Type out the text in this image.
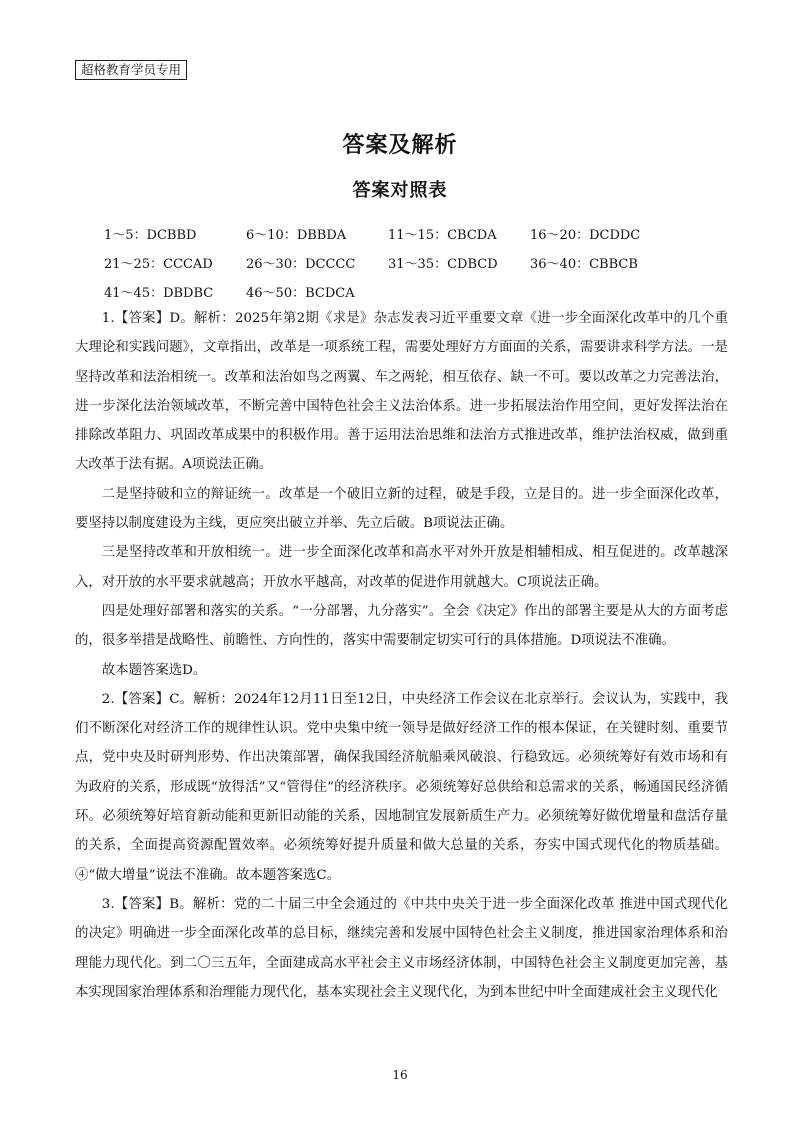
超格教育学员专用
答案及解析
答案对照表
1～5：DCBBD	6～10：DBBDA	11～15：CBCDA	16～20：DCDDC
21～25：CCCAD	26～30：DCCCC	31～35：CDBCD	36～40：CBBCB
41～45：DBDBC	46～50：BCDCA

1.【答案】D。解析：2025年第2期《求是》杂志发表习近平重要文章《进一步全面深化改革中的几个重大理论和实践问题》，文章指出，改革是一项系统工程，需要处理好方方面面的关系，需要讲求科学方法。一是坚持改革和法治相统一。改革和法治如鸟之两翼、车之两轮，相互依存、缺一不可。要以改革之力完善法治，进一步深化法治领域改革，不断完善中国特色社会主义法治体系。进一步拓展法治作用空间，更好发挥法治在排除改革阻力、巩固改革成果中的积极作用。善于运用法治思维和法治方式推进改革，维护法治权威，做到重大改革于法有据。A项说法正确。

二是坚持破和立的辩证统一。改革是一个破旧立新的过程，破是手段，立是目的。进一步全面深化改革，要坚持以制度建设为主线，更应突出破立并举、先立后破。B项说法正确。

三是坚持改革和开放相统一。进一步全面深化改革和高水平对外开放是相辅相成、相互促进的。改革越深入，对开放的水平要求就越高；开放水平越高，对改革的促进作用就越大。C项说法正确。

四是处理好部署和落实的关系。“一分部署，九分落实”。全会《决定》作出的部署主要是从大的方面考虑的，很多举措是战略性、前瞻性、方向性的，落实中需要制定切实可行的具体措施。D项说法不准确。

故本题答案选D。

2.【答案】C。解析：2024年12月11日至12日，中央经济工作会议在北京举行。会议认为，实践中，我们不断深化对经济工作的规律性认识。党中央集中统一领导是做好经济工作的根本保证，在关键时刻、重要节点，党中央及时研判形势、作出决策部署，确保我国经济航船乘风破浪、行稳致远。必须统筹好有效市场和有为政府的关系，形成既“放得活”又“管得住”的经济秩序。必须统筹好总供给和总需求的关系，畅通国民经济循环。必须统筹好培育新动能和更新旧动能的关系，因地制宜发展新质生产力。必须统筹好做优增量和盘活存量的关系，全面提高资源配置效率。必须统筹好提升质量和做大总量的关系，夯实中国式现代化的物质基础。④“做大增量”说法不准确。故本题答案选C。

3.【答案】B。解析：党的二十届三中全会通过的《中共中央关于进一步全面深化改革 推进中国式现代化的决定》明确进一步全面深化改革的总目标，继续完善和发展中国特色社会主义制度，推进国家治理体系和治理能力现代化。到二〇三五年，全面建成高水平社会主义市场经济体制，中国特色社会主义制度更加完善，基本实现国家治理体系和治理能力现代化，基本实现社会主义现代化，为到本世纪中叶全面建成社会主义现代化

16
